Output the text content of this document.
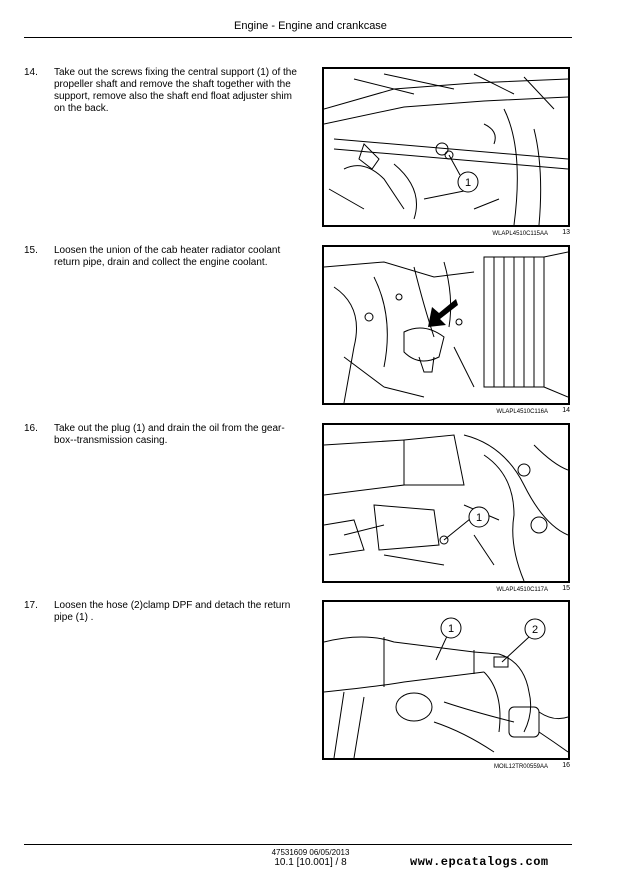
Engine - Engine and crankcase
14. Take out the screws fixing the central support (1) of the propeller shaft and remove the shaft together with the support, remove also the shaft end float adjuster shim on the back.
1
WLAPL4510C115AA 13
15. Loosen the union of the cab heater radiator coolant return pipe, drain and collect the engine coolant.
WLAPL4510C116A 14
16. Take out the plug (1) and drain the oil from the gear-box--transmission casing.
1
WLAPL4510C117A 15
17. Loosen the hose (2)clamp DPF and detach the return pipe (1) .
1	2
MOIL12TR00559AA 16
47531609 06/05/2013
10.1 [10.001] / 8	www.epcatalogs.com
